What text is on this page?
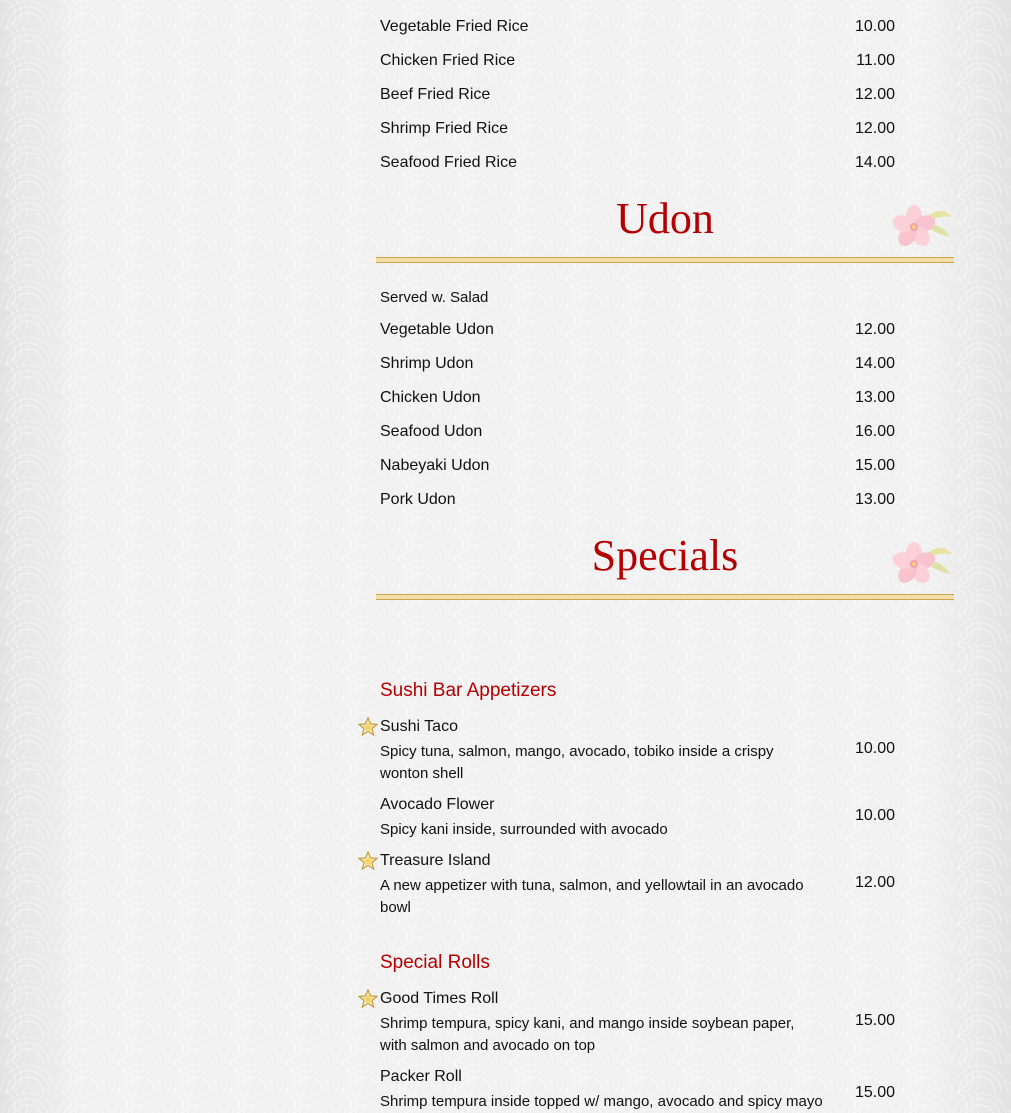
Vegetable Fried Rice	10.00
Chicken Fried Rice	11.00
Beef Fried Rice	12.00
Shrimp Fried Rice	12.00
Seafood Fried Rice	14.00
Udon
Served w. Salad
Vegetable Udon	12.00
Shrimp Udon	14.00
Chicken Udon	13.00
Seafood Udon	16.00
Nabeyaki Udon	15.00
Pork Udon	13.00
Specials
Sushi Bar Appetizers
Sushi Taco
Spicy tuna, salmon, mango, avocado, tobiko inside a crispy wonton shell
10.00
Avocado Flower
Spicy kani inside, surrounded with avocado
10.00
Treasure Island
A new appetizer with tuna, salmon, and yellowtail in an avocado bowl
12.00
Special Rolls
Good Times Roll
Shrimp tempura, spicy kani, and mango inside soybean paper, with salmon and avocado on top
15.00
Packer Roll
Shrimp tempura inside topped w/ mango, avocado and spicy mayo
15.00
